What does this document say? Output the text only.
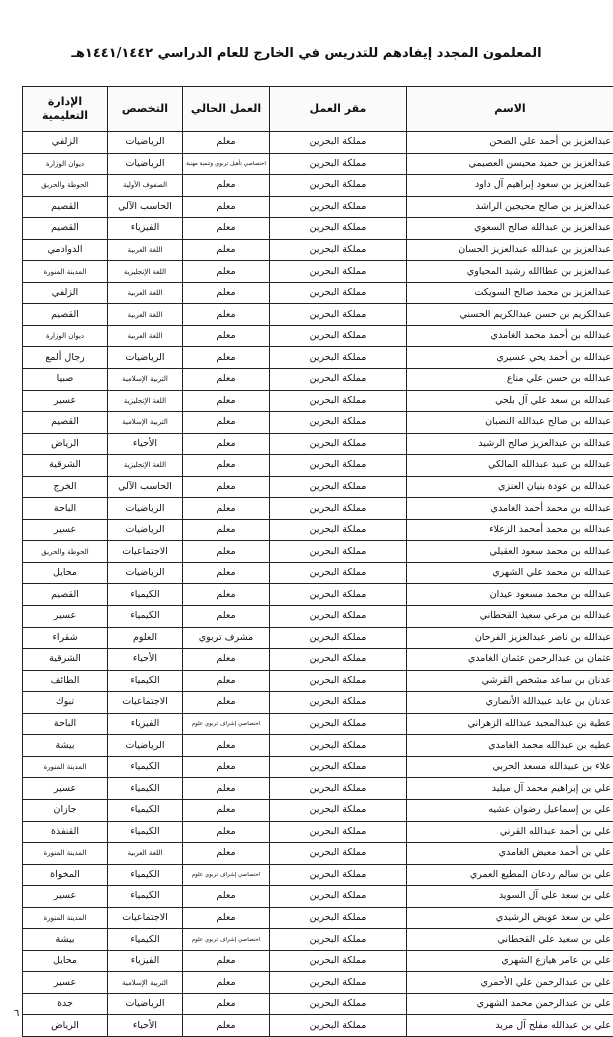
المعلمون المجدد إيفادهم للتدريس في الخارج للعام الدراسي ١٤٤١/١٤٤٢هـ
الاسم	مقر العمل	العمل الحالي	التخصص	الإدارة التعليمية
عبدالعزيز بن أحمد علي الصحن	مملكة البحرين	معلم	الرياضيات	الزلفي
عبدالعزيز بن حميد محيسن العصيمي	مملكة البحرين	اختصاصي تأهيل تربوي وتنمية مهنية	الرياضيات	ديوان الوزارة
عبدالعزيز بن سعود إبراهيم آل داود	مملكة البحرين	معلم	الصفوف الأولية	الحوطة والحريق
عبدالعزيز بن صالح محيجين الراشد	مملكة البحرين	معلم	الحاسب الآلي	القصيم
عبدالعزيز بن عبدالله صالح السعوي	مملكة البحرين	معلم	الفيزياء	القصيم
عبدالعزيز بن عبدالله عبدالعزيز الحسان	مملكة البحرين	معلم	اللغة العربية	الدوادمي
عبدالعزيز بن عطاالله رشيد المحياوي	مملكة البحرين	معلم	اللغة الإنجليزية	المدينة المنورة
عبدالعزيز بن محمد صالح السويكت	مملكة البحرين	معلم	اللغة العربية	الزلفي
عبدالكريم بن حسن عبدالكريم الحسني	مملكة البحرين	معلم	اللغة العربية	القصيم
عبدالله بن أحمد محمد الغامدي	مملكة البحرين	معلم	اللغة العربية	ديوان الوزارة
عبدالله بن أحمد يحي عسيري	مملكة البحرين	معلم	الرياضيات	رجال ألمع
عبدالله بن حسن علي مناع	مملكة البحرين	معلم	التربية الإسلامية	صبيا
عبدالله بن سعد علي آل بلحي	مملكة البحرين	معلم	اللغة الإنجليزية	عسير
عبدالله بن صالح عبدالله النصبان	مملكة البحرين	معلم	التربية الإسلامية	القصيم
عبدالله بن عبدالعزيز صالح الرشيد	مملكة البحرين	معلم	الأحياء	الرياض
عبدالله بن عبيد عبدالله المالكي	مملكة البحرين	معلم	اللغة الإنجليزية	الشرقية
عبدالله بن عودة بنيان العنزي	مملكة البحرين	معلم	الحاسب الآلي	الخرج
عبدالله بن محمد أحمد الغامدي	مملكة البحرين	معلم	الرياضيات	الباحة
عبدالله بن محمد أمحمد الزعلاء	مملكة البحرين	معلم	الرياضيات	عسير
عبدالله بن محمد سعود العقيلي	مملكة البحرين	معلم	الاجتماعيات	الحوطة والحريق
عبدالله بن محمد علي الشهري	مملكة البحرين	معلم	الرياضيات	محايل
عبدالله بن محمد مسعود عيدان	مملكة البحرين	معلم	الكيمياء	القصيم
عبدالله بن مرعي سعيد القحطاني	مملكة البحرين	معلم	الكيمياء	عسير
عبدالله بن ناصر عبدالعزيز الفرحان	مملكة البحرين	مشرف تربوي	العلوم	شقراء
عثمان بن عبدالرحمن عثمان الغامدي	مملكة البحرين	معلم	الأحياء	الشرقية
عدنان بن ساعد مشخص القرشي	مملكة البحرين	معلم	الكيمياء	الطائف
عدنان بن عابد عبيدالله الأنصاري	مملكة البحرين	معلم	الاجتماعيات	تبوك
عطية بن عبدالمجيد عبدالله الزهراني	مملكة البحرين	اختصاصي إشراف تربوي علوم	الفيزياء	الباحة
عطيه بن عبدالله محمد الغامدي	مملكة البحرين	معلم	الرياضيات	بيشة
علاء بن عبيدالله مسعد الحربي	مملكة البحرين	معلم	الكيمياء	المدينة المنورة
علي بن إبراهيم محمد آل ميليد	مملكة البحرين	معلم	الكيمياء	عسير
علي بن إسماعيل رضوان عشيه	مملكة البحرين	معلم	الكيمياء	جازان
علي بن أحمد عبدالله القرني	مملكة البحرين	معلم	الكيمياء	القنفذة
علي بن أحمد معيض الغامدي	مملكة البحرين	معلم	اللغة العربية	المدينة المنورة
علي بن سالم ردعان المطيع العمري	مملكة البحرين	اختصاصي إشراف تربوي علوم	الكيمياء	المخواة
علي بن سعد علي آل السويد	مملكة البحرين	معلم	الكيمياء	عسير
علي بن سعد عويض الرشيدي	مملكة البحرين	معلم	الاجتماعيات	المدينة المنورة
علي بن سعيد علي القحطاني	مملكة البحرين	اختصاصي إشراف تربوي علوم	الكيمياء	بيشة
علي بن عامر هيازع الشهري	مملكة البحرين	معلم	الفيزياء	محايل
علي بن عبدالرحمن علي الأحمري	مملكة البحرين	معلم	التربية الإسلامية	عسير
علي بن عبدالرحمن محمد الشهري	مملكة البحرين	معلم	الرياضيات	جدة
علي بن عبدالله مفلح آل مريد	مملكة البحرين	معلم	الأحياء	الرياض
٦
